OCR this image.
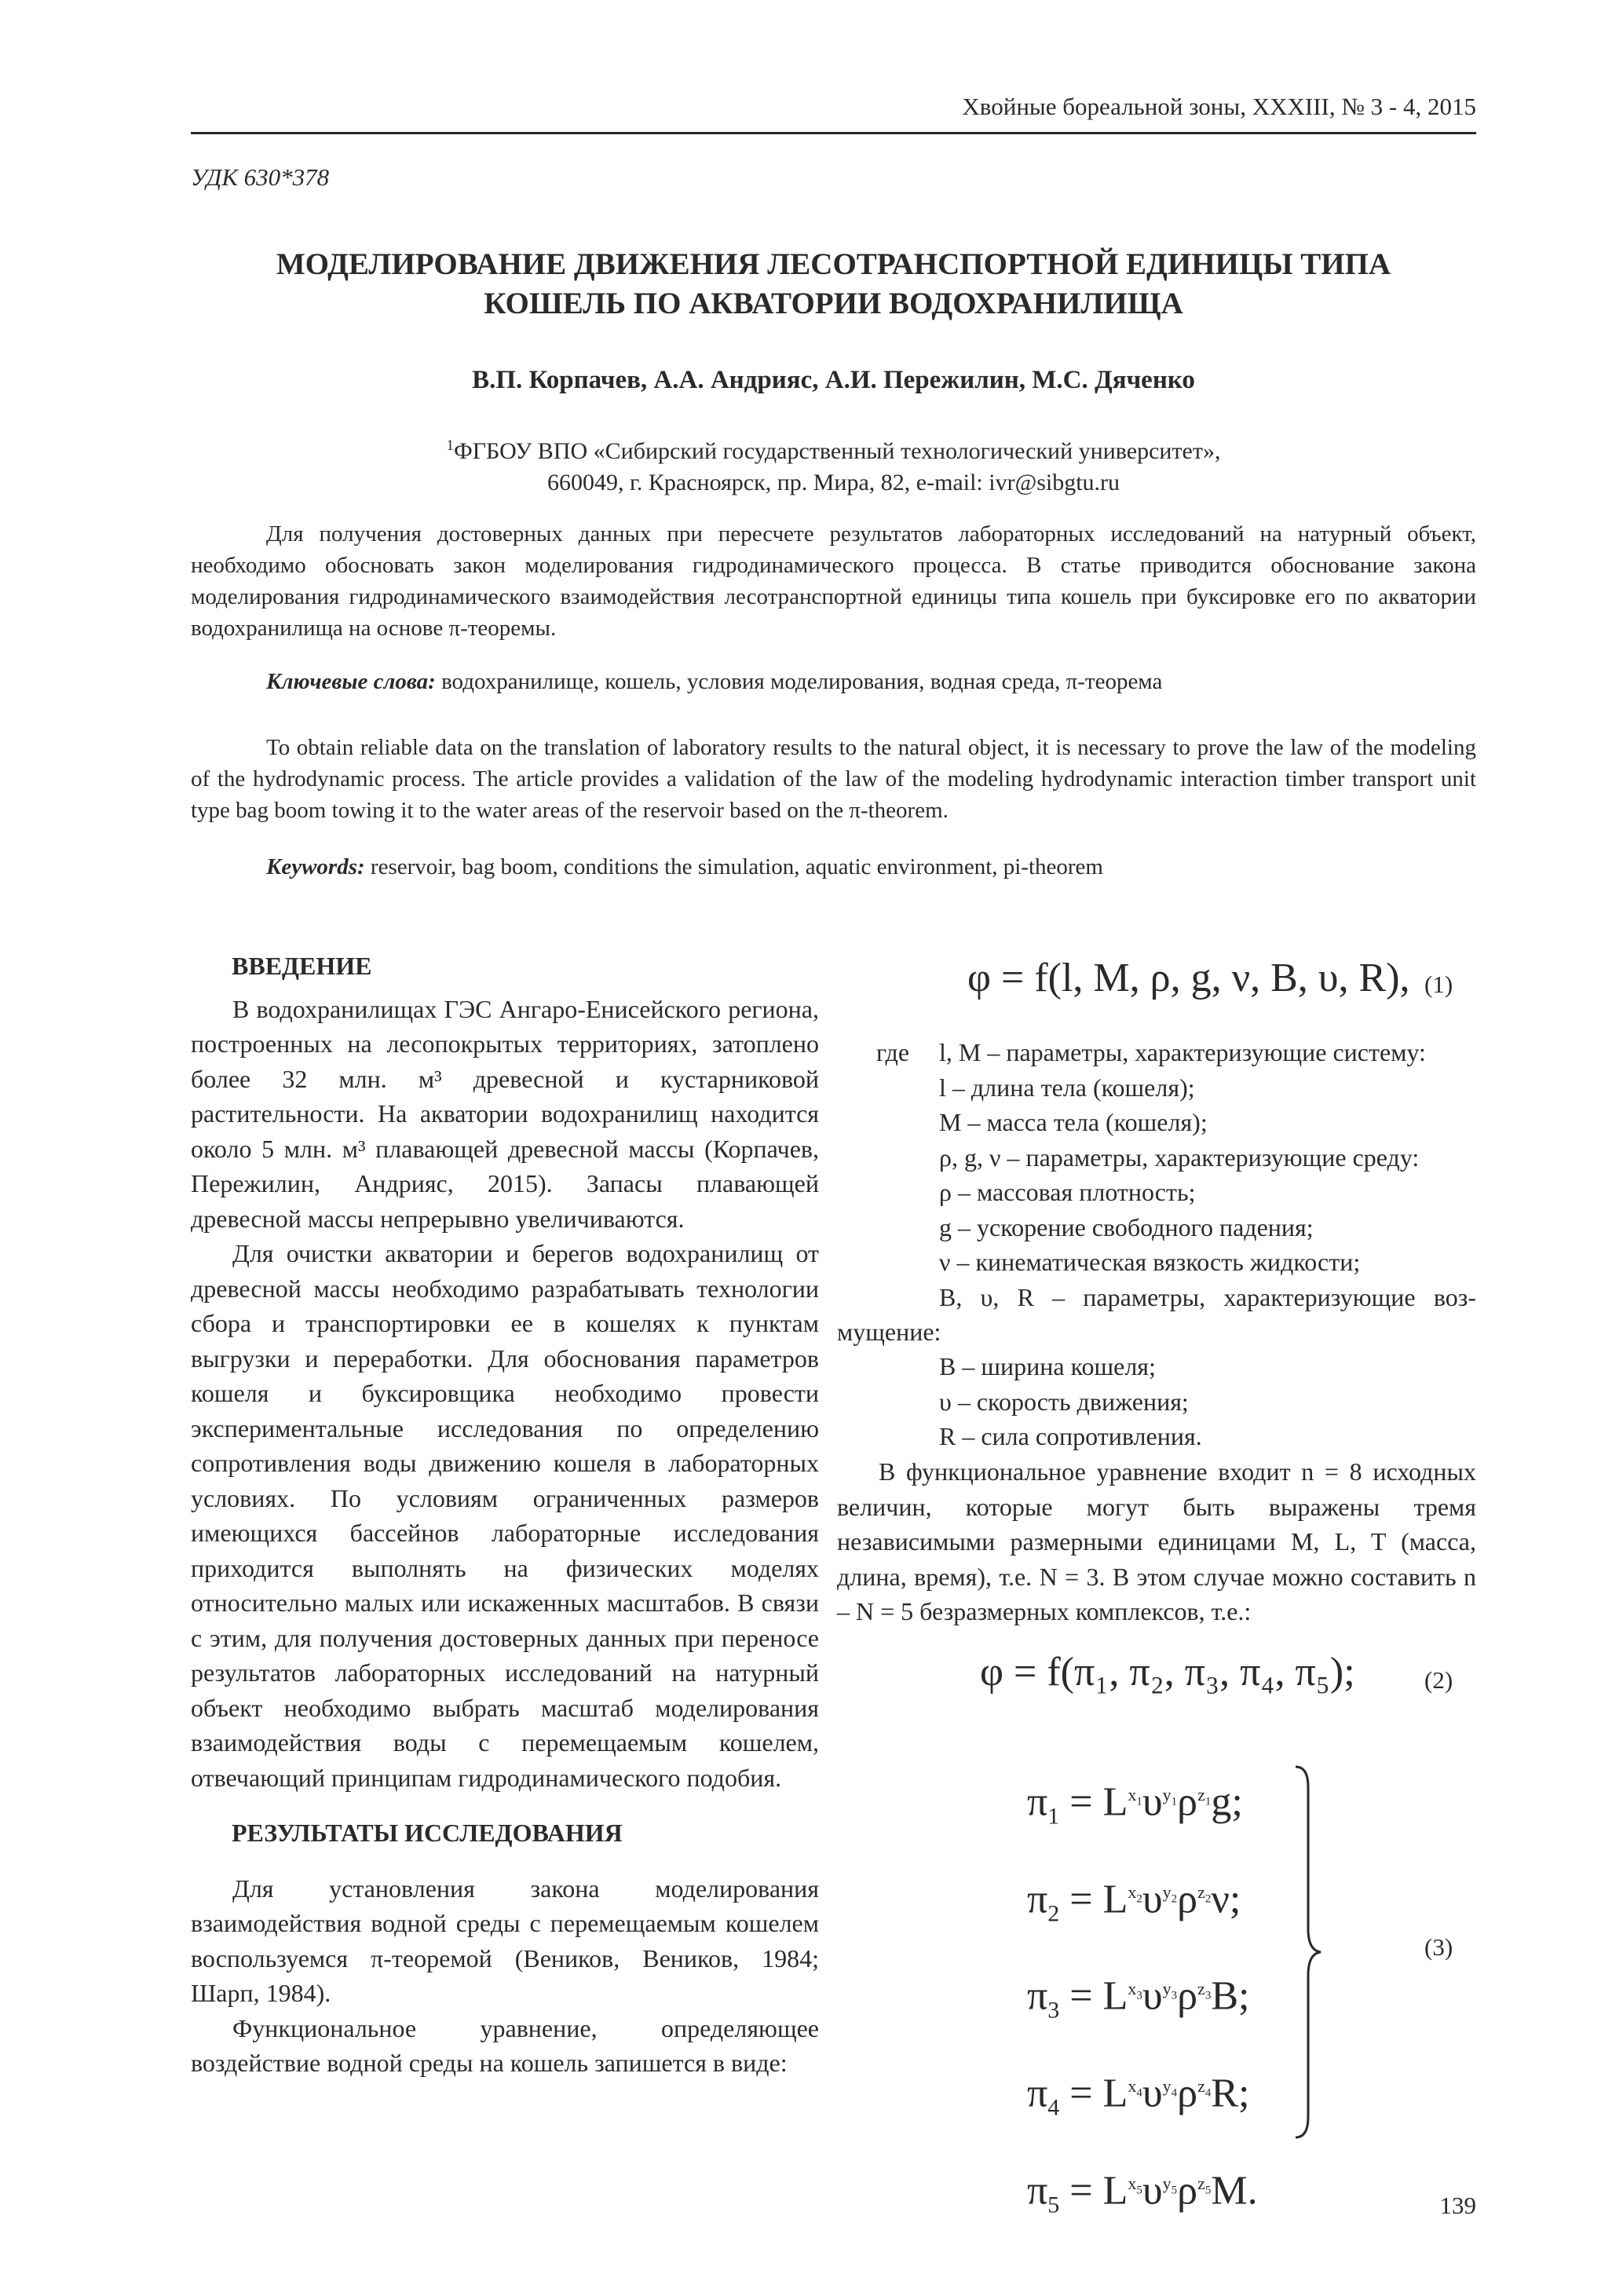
Хвойные бореальной зоны, XXXIII, № 3 - 4, 2015
УДК 630*378
МОДЕЛИРОВАНИЕ ДВИЖЕНИЯ ЛЕСОТРАНСПОРТНОЙ ЕДИНИЦЫ ТИПА
КОШЕЛЬ ПО АКВАТОРИИ ВОДОХРАНИЛИЩА
В.П. Корпачев, А.А. Андрияс, А.И. Пережилин, М.С. Дяченко
$^1$ФГБОУ ВПО «Сибирский государственный технологический университет»,
660049, г. Красноярск, пр. Мира, 82, e-mail: ivr@sibgtu.ru
Для получения достоверных данных при пересчете результатов лабораторных исследований на натурный объект, необходимо обосновать закон моделирования гидродинамического процесса. В статье приводится обоснование закона моделирования гидродинамического взаимодействия лесотранспортной единицы типа кошель при буксировке его по акватории водохранилища на основе π-теоремы.
Ключевые слова: водохранилище, кошель, условия моделирования, водная среда, π-теорема
To obtain reliable data on the translation of laboratory results to the natural object, it is necessary to prove the law of the modeling of the hydrodynamic process. The article provides a validation of the law of the modeling hydrodynamic interaction timber transport unit type bag boom towing it to the water areas of the reservoir based on the π-theorem.
Keywords: reservoir, bag boom, conditions the simulation, aquatic environment, pi-theorem
ВВЕДЕНИЕ

В водохранилищах ГЭС Ангаро-Енисейского региона, построенных на лесопокрытых территориях, затоплено более 32 млн. м³ древесной и кустарниковой растительности. На акватории водохранилищ находится около 5 млн. м³ плавающей древесной массы (Корпачев, Пережилин, Андрияс, 2015). Запасы плавающей древесной массы непрерывно увеличиваются.

Для очистки акватории и берегов водохранилищ от древесной массы необходимо разрабатывать технологии сбора и транспортировки ее в кошелях к пунктам выгрузки и переработки. Для обоснования параметров кошеля и буксировщика необходимо провести экспериментальные исследования по определению сопротивления воды движению кошеля в лабораторных условиях. По условиям ограниченных размеров имеющихся бассейнов лабораторные исследования приходится выполнять на физических моделях относительно малых или искаженных масштабов. В связи с этим, для получения достоверных данных при переносе результатов лабораторных исследований на натурный объект необходимо выбрать масштаб моделирования взаимодействия воды с перемещаемым кошелем, отвечающий принципам гидродинамического подобия.

РЕЗУЛЬТАТЫ ИССЛЕДОВАНИЯ

Для установления закона моделирования взаимодействия водной среды с перемещаемым кошелем воспользуемся π-теоремой (Веников, Веников, 1984; Шарп, 1984).

Функциональное уравнение, определяющее воздействие водной среды на кошель запишется в виде:

φ = f(l, M, ρ, g, ν, B, υ, R), (1)
где l, M – параметры, характеризующие систему:
l – длина тела (кошеля);
M – масса тела (кошеля);
ρ, g, ν – параметры, характеризующие среду:
ρ – массовая плотность;
g – ускорение свободного падения;
ν – кинематическая вязкость жидкости;
B, υ, R – параметры, характеризующие воз-
мущение:
B – ширина кошеля;
υ – скорость движения;
R – сила сопротивления.

В функциональное уравнение входит n = 8 исходных величин, которые могут быть выражены тремя независимыми размерными единицами M, L, T (масса, длина, время), т.е. N = 3. В этом случае можно составить n – N = 5 безразмерных комплексов, т.е.:

φ = f(π₁, π₂, π₃, π₄, π₅);	(2)
$\pi_1 = L^{x_1}\upsilon^{y_1}\rho^{z_1}g$;
$\pi_2 = L^{x_2}\upsilon^{y_2}\rho^{z_2}\nu$;
$\pi_3 = L^{x_3}\upsilon^{y_3}\rho^{z_3}B$;
$\pi_4 = L^{x_4}\upsilon^{y_4}\rho^{z_4}R$;
$\pi_5 = L^{x_5}\upsilon^{y_5}\rho^{z_5}M$.
(3)
139
